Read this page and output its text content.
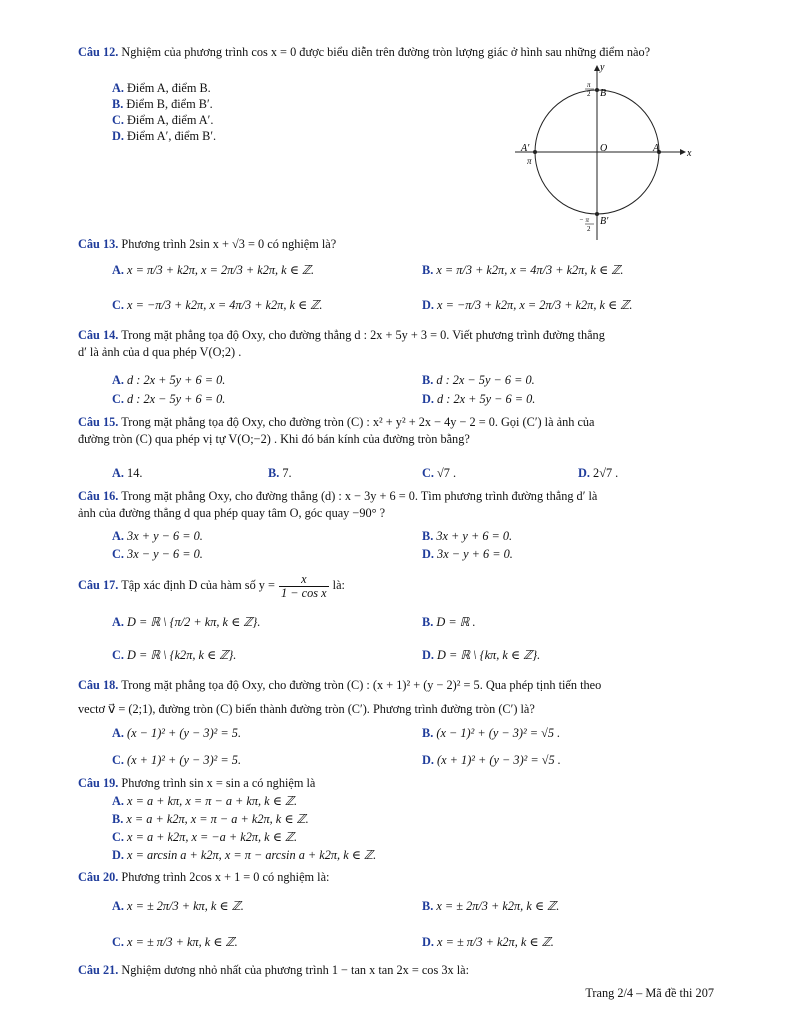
Câu 12. Nghiệm của phương trình cos x = 0 được biểu diễn trên đường tròn lượng giác ở hình sau những điểm nào?
A. Điểm A, điểm B.
B. Điểm B, điểm B′.
C. Điểm A, điểm A′.
D. Điểm A′, điểm B′.
y
x
B
O	A
A′
π
B′
π
2
− π
2
Câu 13. Phương trình 2sin x + √3 = 0 có nghiệm là?
A. x = π/3 + k2π, x = 2π/3 + k2π, k ∈ ℤ.	B. x = π/3 + k2π, x = 4π/3 + k2π, k ∈ ℤ.
C. x = −π/3 + k2π, x = 4π/3 + k2π, k ∈ ℤ.	D. x = −π/3 + k2π, x = 2π/3 + k2π, k ∈ ℤ.
Câu 14. Trong mặt phẳng tọa độ Oxy, cho đường thẳng d : 2x + 5y + 3 = 0. Viết phương trình đường thẳng
d′ là ảnh của d qua phép V(O;2) .
A. d : 2x + 5y + 6 = 0.	B. d : 2x − 5y − 6 = 0.
C. d : 2x − 5y + 6 = 0.	D. d : 2x + 5y − 6 = 0.
Câu 15. Trong mặt phẳng tọa độ Oxy, cho đường tròn (C) : x² + y² + 2x − 4y − 2 = 0. Gọi (C′) là ảnh của
đường tròn (C) qua phép vị tự V(O;−2) . Khi đó bán kính của đường tròn bằng?
A. 14.	B. 7.	C. √7 .	D. 2√7 .
Câu 16. Trong mặt phẳng Oxy, cho đường thẳng (d) : x − 3y + 6 = 0. Tìm phương trình đường thẳng d′ là
ảnh của đường thẳng d qua phép quay tâm O, góc quay −90° ?
A. 3x + y − 6 = 0.	B. 3x + y + 6 = 0.
C. 3x − y − 6 = 0.	D. 3x − y + 6 = 0.
Câu 17. Tập xác định D của hàm số $y = \frac{x}{\text{1 − cos x}}$ là:
A. D = ℝ \ {π/2 + kπ, k ∈ ℤ}.	B. D = ℝ .
C. D = ℝ \ {k2π, k ∈ ℤ}.	D. D = ℝ \ {kπ, k ∈ ℤ}.
Câu 18. Trong mặt phẳng tọa độ Oxy, cho đường tròn (C) : (x + 1)² + (y − 2)² = 5. Qua phép tịnh tiến theo
vectơ v⃗ = (2;1), đường tròn (C) biến thành đường tròn (C′). Phương trình đường tròn (C′) là?
A. (x − 1)² + (y − 3)² = 5.	B. (x − 1)² + (y − 3)² = √5 .
C. (x + 1)² + (y − 3)² = 5.	D. (x + 1)² + (y − 3)² = √5 .
Câu 19. Phương trình sin x = sin a có nghiệm là
A. x = a + kπ, x = π − a + kπ, k ∈ ℤ.
B. x = a + k2π, x = π − a + k2π, k ∈ ℤ.
C. x = a + k2π, x = −a + k2π, k ∈ ℤ.
D. x = arcsin a + k2π, x = π − arcsin a + k2π, k ∈ ℤ.
Câu 20. Phương trình 2cos x + 1 = 0 có nghiệm là:
A. x = ± 2π/3 + kπ, k ∈ ℤ.	B. x = ± 2π/3 + k2π, k ∈ ℤ.
C. x = ± π/3 + kπ, k ∈ ℤ.	D. x = ± π/3 + k2π, k ∈ ℤ.
Câu 21. Nghiệm dương nhỏ nhất của phương trình 1 − tan x tan 2x = cos 3x là:
Trang 2/4 – Mã đề thi 207
